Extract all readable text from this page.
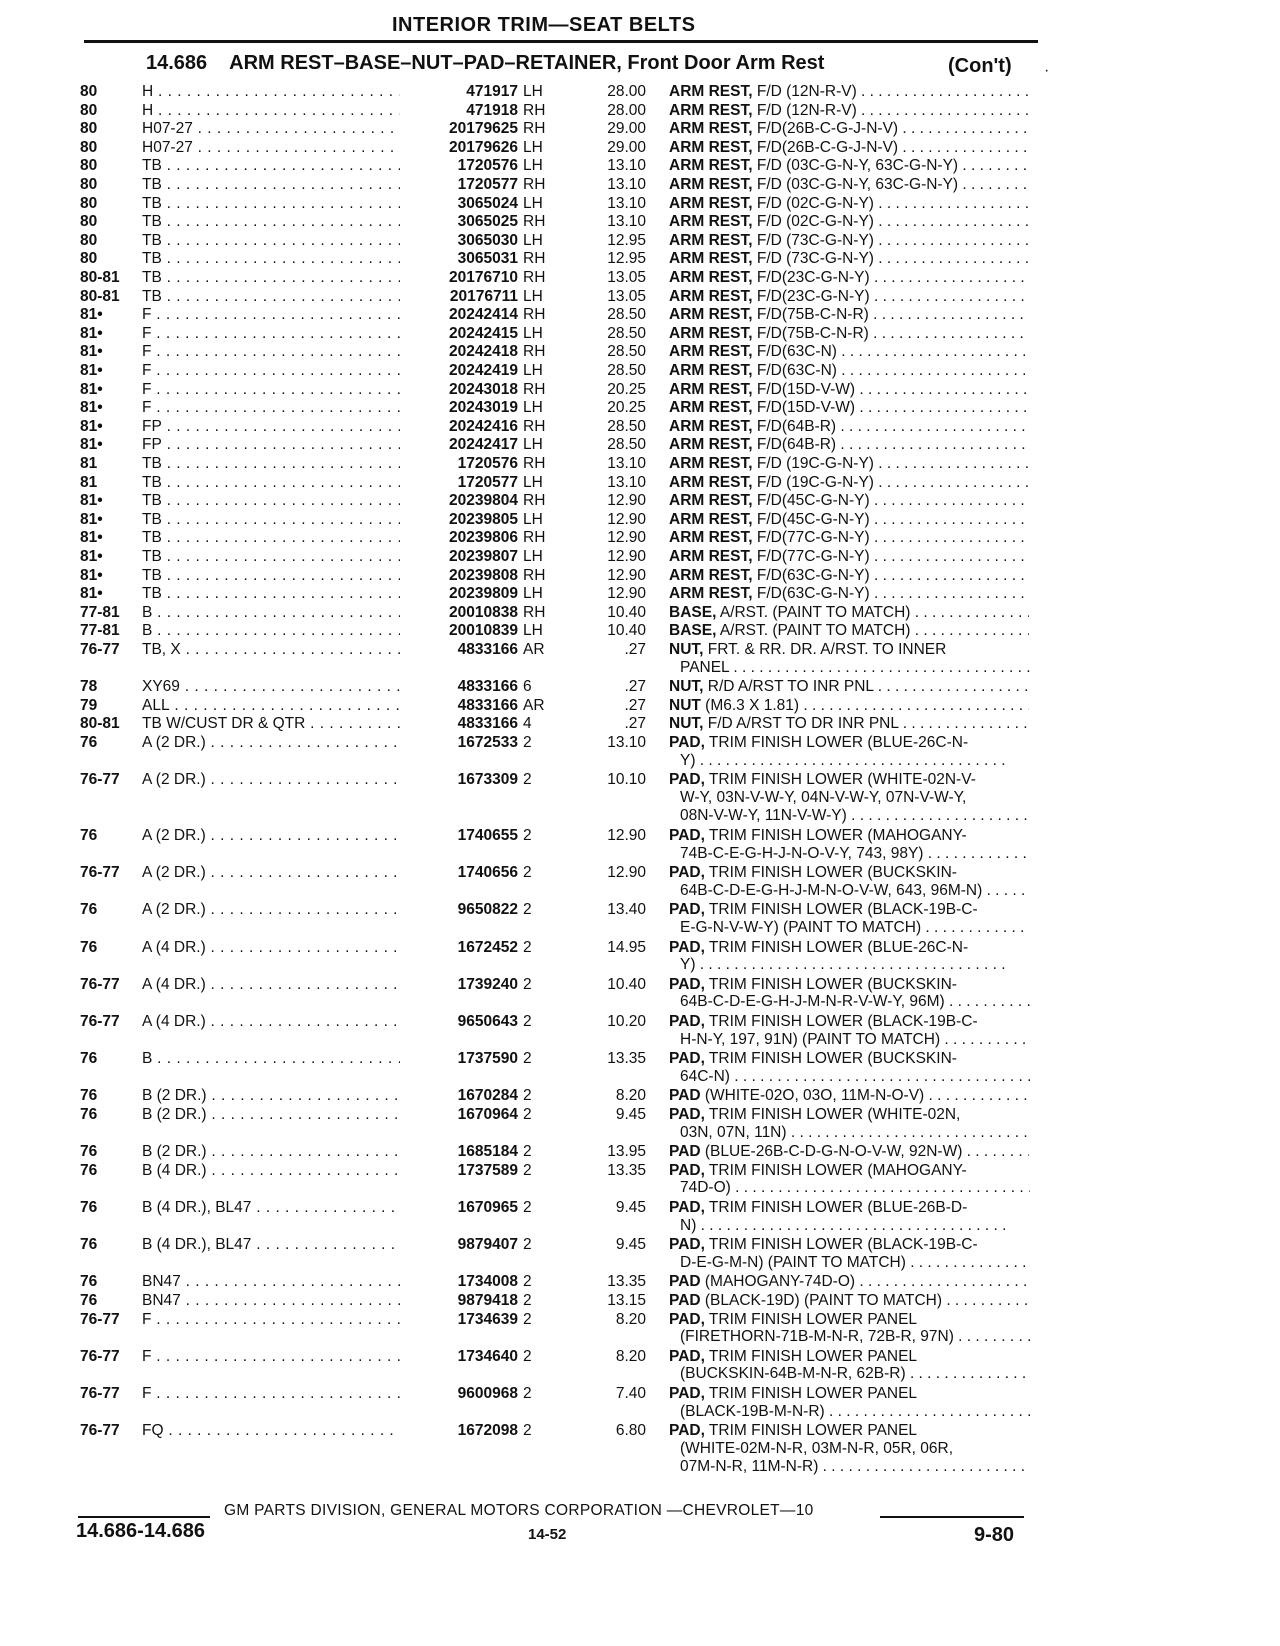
INTERIOR TRIM—SEAT BELTS
14.686 ARM REST–BASE–NUT–PAD–RETAINER, Front Door Arm Rest	(Con't) ·
80	H . . .	471917 LH	28.00 ARM REST, F/D (12N-R-V) . . .
80	H . . .	471918 RH	28.00 ARM REST, F/D (12N-R-V) . . .
80	H07-27 . . .	20179625 RH	29.00 ARM REST, F/D(26B-C-G-J-N-V) . . .
80	H07-27 . . .	20179626 LH	29.00 ARM REST, F/D(26B-C-G-J-N-V) . . .
80	TB . . .	1720576 LH	13.10 ARM REST, F/D (03C-G-N-Y, 63C-G-N-Y) . . .
80	TB . . .	1720577 RH	13.10 ARM REST, F/D (03C-G-N-Y, 63C-G-N-Y) . . .
80	TB . . .	3065024 LH	13.10 ARM REST, F/D (02C-G-N-Y) . . .
80	TB . . .	3065025 RH	13.10 ARM REST, F/D (02C-G-N-Y) . . .
80	TB . . .	3065030 LH	12.95 ARM REST, F/D (73C-G-N-Y) . . .
80	TB . . .	3065031 RH	12.95 ARM REST, F/D (73C-G-N-Y) . . .
80-81 TB . . .	20176710 RH	13.05 ARM REST, F/D(23C-G-N-Y) . . .
80-81 TB . . .	20176711 LH	13.05 ARM REST, F/D(23C-G-N-Y) . . .
81•	F . . .	20242414 RH	28.50 ARM REST, F/D(75B-C-N-R) . . .
81•	F . . .	20242415 LH	28.50 ARM REST, F/D(75B-C-N-R) . . .
81•	F . . .	20242418 RH	28.50 ARM REST, F/D(63C-N) . . .
81•	F . . .	20242419 LH	28.50 ARM REST, F/D(63C-N) . . .
81•	F . . .	20243018 RH	20.25 ARM REST, F/D(15D-V-W) . . .
81•	F . . .	20243019 LH	20.25 ARM REST, F/D(15D-V-W) . . .
81•	FP . . .	20242416 RH	28.50 ARM REST, F/D(64B-R) . . .
81•	FP . . .	20242417 LH	28.50 ARM REST, F/D(64B-R) . . .
81	TB . . .	1720576 RH	13.10 ARM REST, F/D (19C-G-N-Y) . . .
81	TB . . .	1720577 LH	13.10 ARM REST, F/D (19C-G-N-Y) . . .
81•	TB . . .	20239804 RH	12.90 ARM REST, F/D(45C-G-N-Y) . . .
81•	TB . . .	20239805 LH	12.90 ARM REST, F/D(45C-G-N-Y) . . .
81•	TB . . .	20239806 RH	12.90 ARM REST, F/D(77C-G-N-Y) . . .
81•	TB . . .	20239807 LH	12.90 ARM REST, F/D(77C-G-N-Y) . . .
81•	TB . . .	20239808 RH	12.90 ARM REST, F/D(63C-G-N-Y) . . .
81•	TB . . .	20239809 LH	12.90 ARM REST, F/D(63C-G-N-Y) . . .
77-81 B . . .	20010838 RH	10.40 BASE, A/RST. (PAINT TO MATCH) . . .
77-81 B . . .	20010839 LH	10.40 BASE, A/RST. (PAINT TO MATCH) . . .
76-77 TB, X . . .	4833166 AR	.27 NUT, FRT. & RR. DR. A/RST. TO INNER
PANEL . . .
78	XY69 . . .	4833166 6	.27 NUT, R/D A/RST TO INR PNL . . .
79	ALL . . .	4833166 AR	.27 NUT (M6.3 X 1.81) . . .
80-81 TB W/CUST DR & QTR . . .	4833166 4	.27 NUT, F/D A/RST TO DR INR PNL . . .
76	A (2 DR.) . . .	1672533 2	13.10 PAD, TRIM FINISH LOWER (BLUE-26C-N-
Y) . . .
76-77 A (2 DR.) . . .	1673309 2	10.10 PAD, TRIM FINISH LOWER (WHITE-02N-V-
W-Y, 03N-V-W-Y, 04N-V-W-Y, 07N-V-W-Y,
08N-V-W-Y, 11N-V-W-Y) . . .
76	A (2 DR.) . . .	1740655 2	12.90 PAD, TRIM FINISH LOWER (MAHOGANY-
74B-C-E-G-H-J-N-O-V-Y, 743, 98Y) . . .
76-77 A (2 DR.) . . .	1740656 2	12.90 PAD, TRIM FINISH LOWER (BUCKSKIN-
64B-C-D-E-G-H-J-M-N-O-V-W, 643, 96M-N) . . .
76	A (2 DR.) . . .	9650822 2	13.40 PAD, TRIM FINISH LOWER (BLACK-19B-C-
E-G-N-V-W-Y) (PAINT TO MATCH) . . .
76	A (4 DR.) . . .	1672452 2	14.95 PAD, TRIM FINISH LOWER (BLUE-26C-N-
Y) . . .
76-77 A (4 DR.) . . .	1739240 2	10.40 PAD, TRIM FINISH LOWER (BUCKSKIN-
64B-C-D-E-G-H-J-M-N-R-V-W-Y, 96M) . . .
76-77 A (4 DR.) . . .	9650643 2	10.20 PAD, TRIM FINISH LOWER (BLACK-19B-C-
H-N-Y, 197, 91N) (PAINT TO MATCH) . . .
76	B . . .	1737590 2	13.35 PAD, TRIM FINISH LOWER (BUCKSKIN-
64C-N) . . .
76	B (2 DR.) . . .	1670284 2	8.20 PAD (WHITE-02O, 03O, 11M-N-O-V) . . .
76	B (2 DR.) . . .	1670964 2	9.45 PAD, TRIM FINISH LOWER (WHITE-02N,
03N, 07N, 11N) . . .
76	B (2 DR.) . . .	1685184 2	13.95 PAD (BLUE-26B-C-D-G-N-O-V-W, 92N-W) . . .
76	B (4 DR.) . . .	1737589 2	13.35 PAD, TRIM FINISH LOWER (MAHOGANY-
74D-O) . . .
76	B (4 DR.), BL47 . . .	1670965 2	9.45 PAD, TRIM FINISH LOWER (BLUE-26B-D-
N) . . .
76	B (4 DR.), BL47 . . .	9879407 2	9.45 PAD, TRIM FINISH LOWER (BLACK-19B-C-
D-E-G-M-N) (PAINT TO MATCH) . . .
76	BN47 . . .	1734008 2	13.35 PAD (MAHOGANY-74D-O) . . .
76	BN47 . . .	9879418 2	13.15 PAD (BLACK-19D) (PAINT TO MATCH) . . .
76-77 F . . .	1734639 2	8.20 PAD, TRIM FINISH LOWER PANEL
(FIRETHORN-71B-M-N-R, 72B-R, 97N) . . .
76-77 F . . .	1734640 2	8.20 PAD, TRIM FINISH LOWER PANEL
(BUCKSKIN-64B-M-N-R, 62B-R) . . .
76-77 F . . .	9600968 2	7.40 PAD, TRIM FINISH LOWER PANEL
(BLACK-19B-M-N-R) . . .
76-77 FQ . . .	1672098 2	6.80 PAD, TRIM FINISH LOWER PANEL
(WHITE-02M-N-R, 03M-N-R, 05R, 06R,
07M-N-R, 11M-N-R) . . .
GM PARTS DIVISION, GENERAL MOTORS CORPORATION —CHEVROLET—10
14.686-14.686	14-52	9-80
